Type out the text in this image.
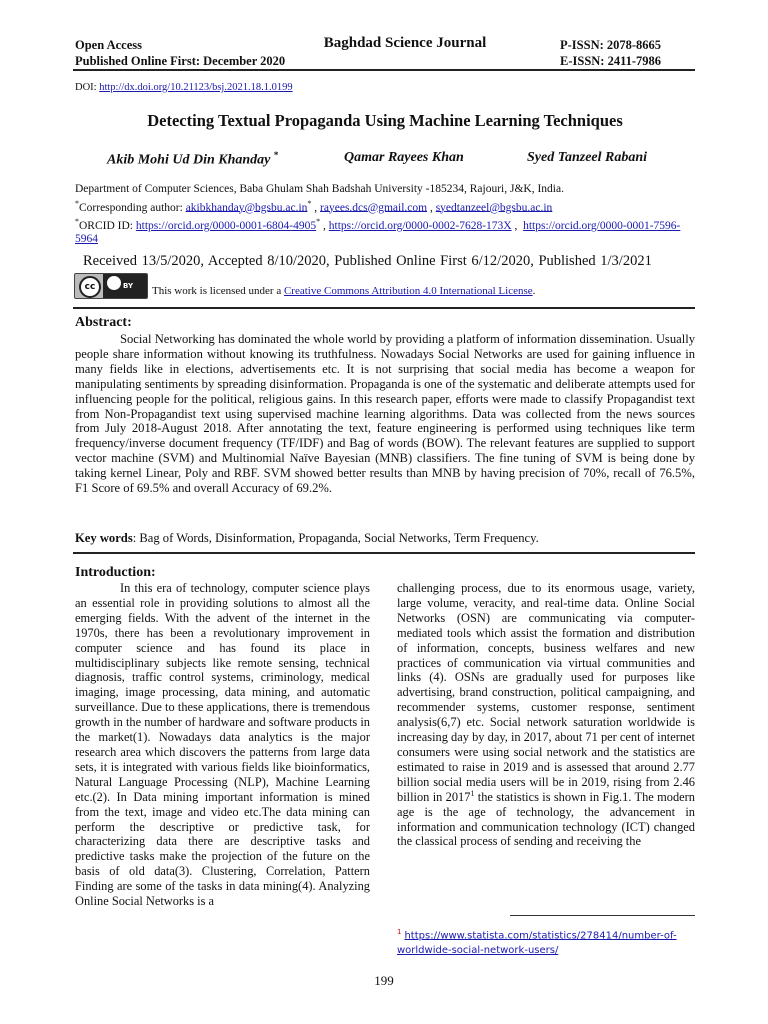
Open Access
Published Online First: December 2020
Baghdad Science Journal	P-ISSN: 2078-8665
E-ISSN: 2411-7986
DOI: http://dx.doi.org/10.21123/bsj.2021.18.1.0199
Detecting Textual Propaganda Using Machine Learning Techniques
Akib Mohi Ud Din Khanday *	Qamar Rayees Khan	Syed Tanzeel Rabani
Department of Computer Sciences, Baba Ghulam Shah Badshah University -185234, Rajouri, J&K, India.
*Corresponding author: akibkhanday@bgsbu.ac.in* , rayees.dcs@gmail.com , syedtanzeel@bgsbu.ac.in
*ORCID ID: https://orcid.org/0000-0001-6804-4905* , https://orcid.org/0000-0002-7628-173X ,  https://orcid.org/0000-0001-7596-5964
Received 13/5/2020, Accepted 8/10/2020, Published Online First 6/12/2020, Published 1/3/2021
cc	BY This work is licensed under a Creative Commons Attribution 4.0 International License.
Abstract:
Social Networking has dominated the whole world by providing a platform of information dissemination. Usually people share information without knowing its truthfulness. Nowadays Social Networks are used for gaining influence in many fields like in elections, advertisements etc. It is not surprising that social media has become a weapon for manipulating sentiments by spreading disinformation. Propaganda is one of the systematic and deliberate attempts used for influencing people for the political, religious gains. In this research paper, efforts were made to classify Propagandist text from Non-Propagandist text using supervised machine learning algorithms. Data was collected from the news sources from July 2018-August 2018. After annotating the text, feature engineering is performed using techniques like term frequency/inverse document frequency (TF/IDF) and Bag of words (BOW). The relevant features are supplied to support vector machine (SVM) and Multinomial Naïve Bayesian (MNB) classifiers. The fine tuning of SVM is being done by taking kernel Linear, Poly and RBF. SVM showed better results than MNB by having precision of 70%, recall of 76.5%, F1 Score of 69.5% and overall Accuracy of 69.2%.
Key words: Bag of Words, Disinformation, Propaganda, Social Networks, Term Frequency.
Introduction:
In this era of technology, computer science plays an essential role in providing solutions to almost all the emerging fields. With the advent of the internet in the 1970s, there has been a revolutionary improvement in computer science and has found its place in multidisciplinary subjects like remote sensing, technical diagnosis, traffic control systems, criminology, medical imaging, image processing, data mining, and automatic surveillance. Due to these applications, there is tremendous growth in the number of hardware and software products in the market(1). Nowadays data analytics is the major research area which discovers the patterns from large data sets, it is integrated with various fields like bioinformatics, Natural Language Processing (NLP), Machine Learning etc.(2). In Data mining important information is mined from the text, image and video etc.The data mining can perform the descriptive or predictive task, for characterizing data there are descriptive tasks and predictive tasks make the projection of the future on the basis of old data(3). Clustering, Correlation, Pattern Finding are some of the tasks in data mining(4). Analyzing Online Social Networks is a
challenging process, due to its enormous usage, variety, large volume, veracity, and real-time data. Online Social Networks (OSN) are communicating via computer-mediated tools which assist the formation and distribution of information, concepts, business welfares and new practices of communication via virtual communities and links (4). OSNs are gradually used for purposes like advertising, brand construction, political campaigning, and recommender systems, customer response, sentiment analysis(6,7) etc. Social network saturation worldwide is increasing day by day, in 2017, about 71 per cent of internet consumers were using social network and the statistics are estimated to raise in 2019 and is assessed that around 2.77 billion social media users will be in 2019, rising from 2.46 billion in 2017$^1$ the statistics is shown in Fig.1. The modern age is the age of technology, the advancement in information and communication technology (ICT) changed the classical process of sending and receiving the
$^1$ https://www.statista.com/statistics/278414/number-of-worldwide-social-network-users/
199
